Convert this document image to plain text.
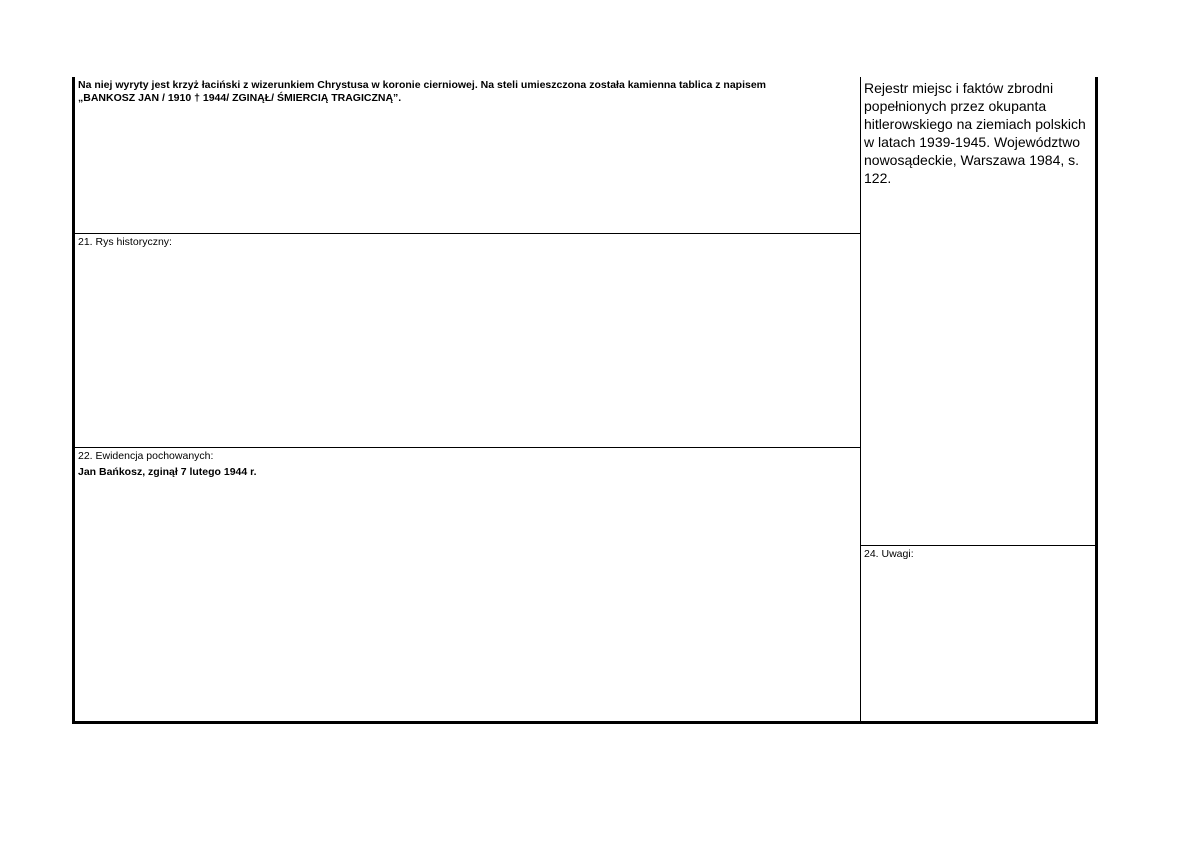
Na niej wyryty jest krzyż łaciński z wizerunkiem Chrystusa w koronie cierniowej. Na steli umieszczona została kamienna tablica z napisem

„BANKOSZ JAN / 1910 † 1944/ ZGINĄŁ/ ŚMIERCIĄ TRAGICZNĄ”.

21. Rys historyczny:

22. Ewidencja pochowanych:

Jan Bańkosz, zginął 7 lutego 1944 r.

Rejestr miejsc i faktów zbrodni popełnionych przez okupanta hitlerowskiego na ziemiach polskich w latach 1939-1945. Województwo nowosądeckie, Warszawa 1984, s. 122.

24. Uwagi:
